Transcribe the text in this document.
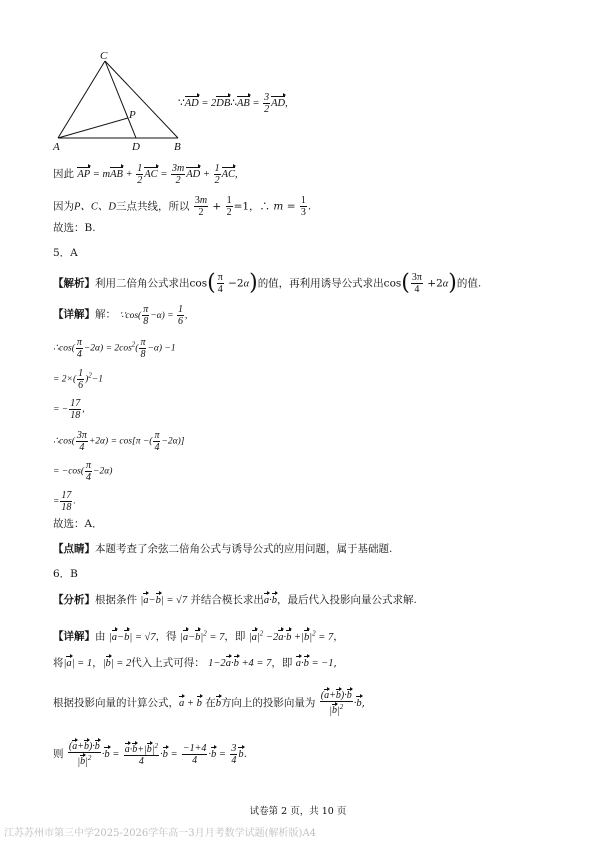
C
A	B
D
P
∵AD = 2DB∴AB = $\frac{3}{2}$ AD,
因此 AP = mAB + $\frac{1}{2}$ AC = $\frac{3m}{2}$ AD + $\frac{1}{2}$ AC,
因为P、C、D三点共线，所以 $\frac{3m}{2} + \frac{1}{2} =1$，∴ $m = \frac{1}{3}$ .
故选：B.
5．A
【解析】利用二倍角公式求出$\cos( \frac{\pi}{4} -2\alpha)$的值，再利用诱导公式求出$\cos( \frac{3\pi}{4} +2\alpha)$的值.
【详解】解： ∵cos( $\frac{\pi}{8} -\alpha) = \frac{1}{6}$ ,
∴cos( $\frac{\pi}{4} -2\alpha) = 2\cos^2( \frac{\pi}{8} -\alpha) -1$
= $2\times( \frac{1}{6} )^2-1$
= − $\frac{17}{18}$ ,
∴cos( $\frac{3\pi}{4} +2\alpha) = \cos[\pi$ −( $\frac{\pi}{4} -2\alpha$)]
= $-\cos( \frac{\pi}{4} -2\alpha)$
= $\frac{17}{18}$ .
故选：A．
【点睛】本题考查了余弦二倍角公式与诱导公式的应用问题，属于基础题.
6．B
【分析】根据条件 |a−b| = √7 并结合模长求出a·b，最后代入投影向量公式求解.
【详解】由 |a−b| = √7，得 $|a-b|^2 = 7$，即 $|a|^2 -2a\cdot b +|b|^2 = 7$，
将|a| = 1，|b| = 2代入上式可得： 1−2a·b +4 = 7，即 a·b = −1,
根据投影向量的计算公式，a + b 在b方向上的投影向量为 $\frac{(a+b)\cdot b}{|b|^2} \cdot b$,
则 $\frac{(a+b)\cdot b}{|b|^2} \cdot b = \frac{a\cdot b+|b|^2}{4} \cdot b = \frac{-1+4}{4} \cdot b = \frac{3}{4} b$.
试卷第 2 页，共 10 页
江苏苏州市第三中学2025-2026学年高一3月月考数学试题(解析版)A4
